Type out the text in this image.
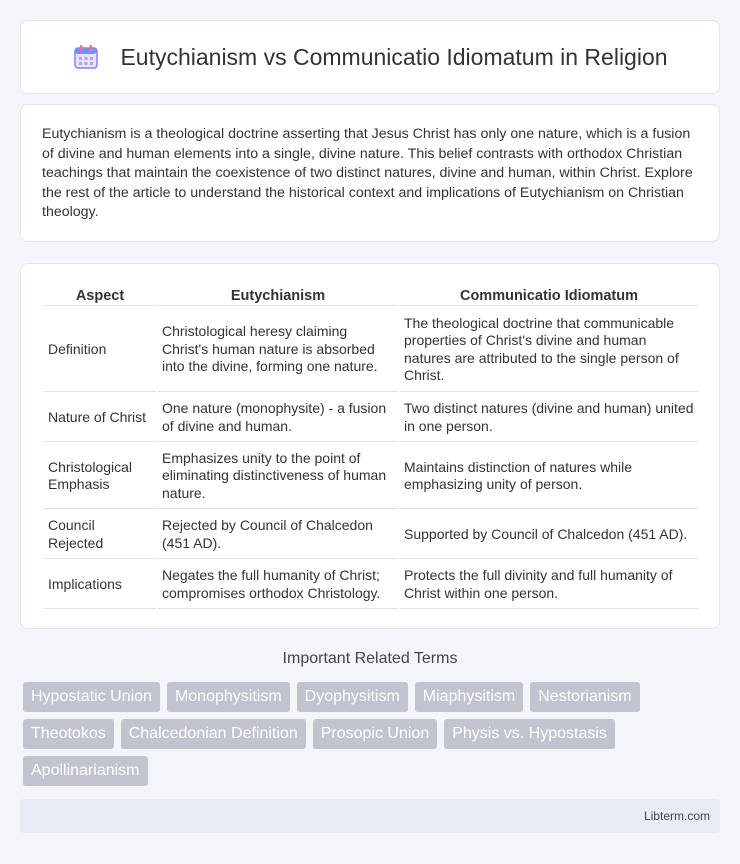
Eutychianism vs Communicatio Idiomatum in Religion

Eutychianism is a theological doctrine asserting that Jesus Christ has only one nature, which is a fusion of divine and human elements into a single, divine nature. This belief contrasts with orthodox Christian teachings that maintain the coexistence of two distinct natures, divine and human, within Christ. Explore the rest of the article to understand the historical context and implications of Eutychianism on Christian theology.

Aspect	Eutychianism	Communicatio Idiomatum
Definition	Christological heresy claiming Christ's human nature is absorbed into the divine, forming one nature.	The theological doctrine that communicable properties of Christ's divine and human natures are attributed to the single person of Christ.
Nature of Christ	One nature (monophysite) - a fusion of divine and human.	Two distinct natures (divine and human) united in one person.
Christological Emphasis	Emphasizes unity to the point of eliminating distinctiveness of human nature.	Maintains distinction of natures while emphasizing unity of person.
Council Rejected	Rejected by Council of Chalcedon (451 AD).	Supported by Council of Chalcedon (451 AD).
Implications	Negates the full humanity of Christ; compromises orthodox Christology.	Protects the full divinity and full humanity of Christ within one person.
Important Related Terms
Hypostatic Union	Monophysitism	Dyophysitism	Miaphysitism	Nestorianism
Theotokos	Chalcedonian Definition	Prosopic Union	Physis vs. Hypostasis
Apollinarianism
Libterm.com
